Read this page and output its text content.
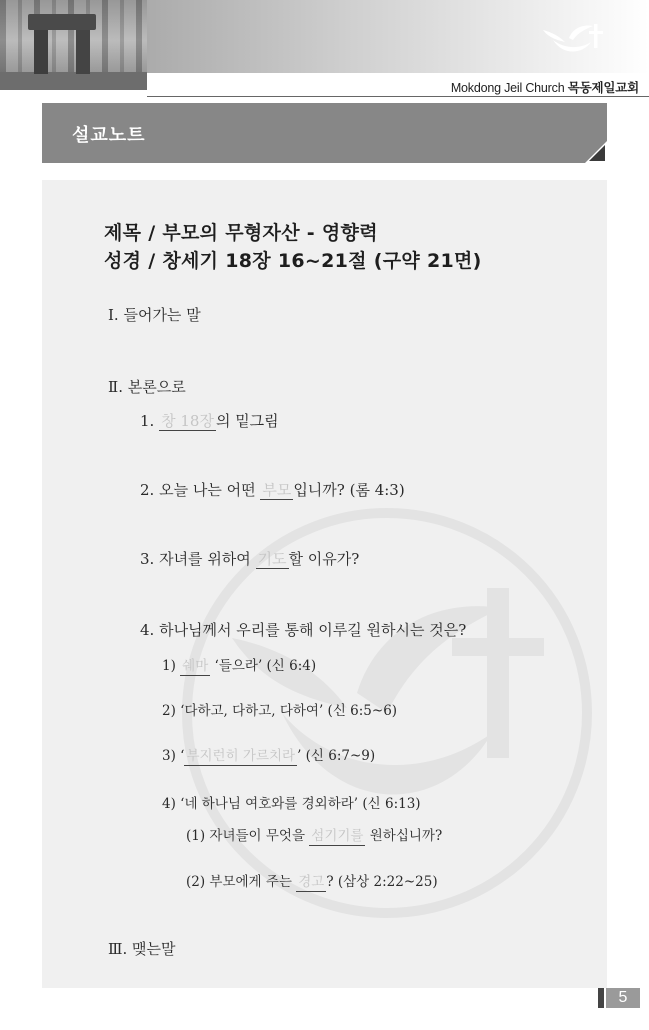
Mokdong Jeil Church 목동제일교회
설교노트
제목 / 부모의 무형자산 - 영향력
성경 / 창세기 18장 16~21절 (구약 21면)
Ⅰ. 들어가는 말
Ⅱ. 본론으로
1. 창 18장 의 밑그림
2. 오늘 나는 어떤 부모 입니까? (롬 4:3)
3. 자녀를 위하여 기도 할 이유가?
4. 하나님께서 우리를 통해 이루길 원하시는 것은?
1) 쉐마 ‘들으라’ (신 6:4)
2) ‘다하고, 다하고, 다하여’ (신 6:5~6)
3) ‘ 부지런히 가르치라 ’ (신 6:7~9)
4) ‘네 하나님 여호와를 경외하라’ (신 6:13)
(1) 자녀들이 무엇을 섬기기를 원하십니까?
(2) 부모에게 주는 경고 ? (삼상 2:22~25)
Ⅲ. 맺는말
5
